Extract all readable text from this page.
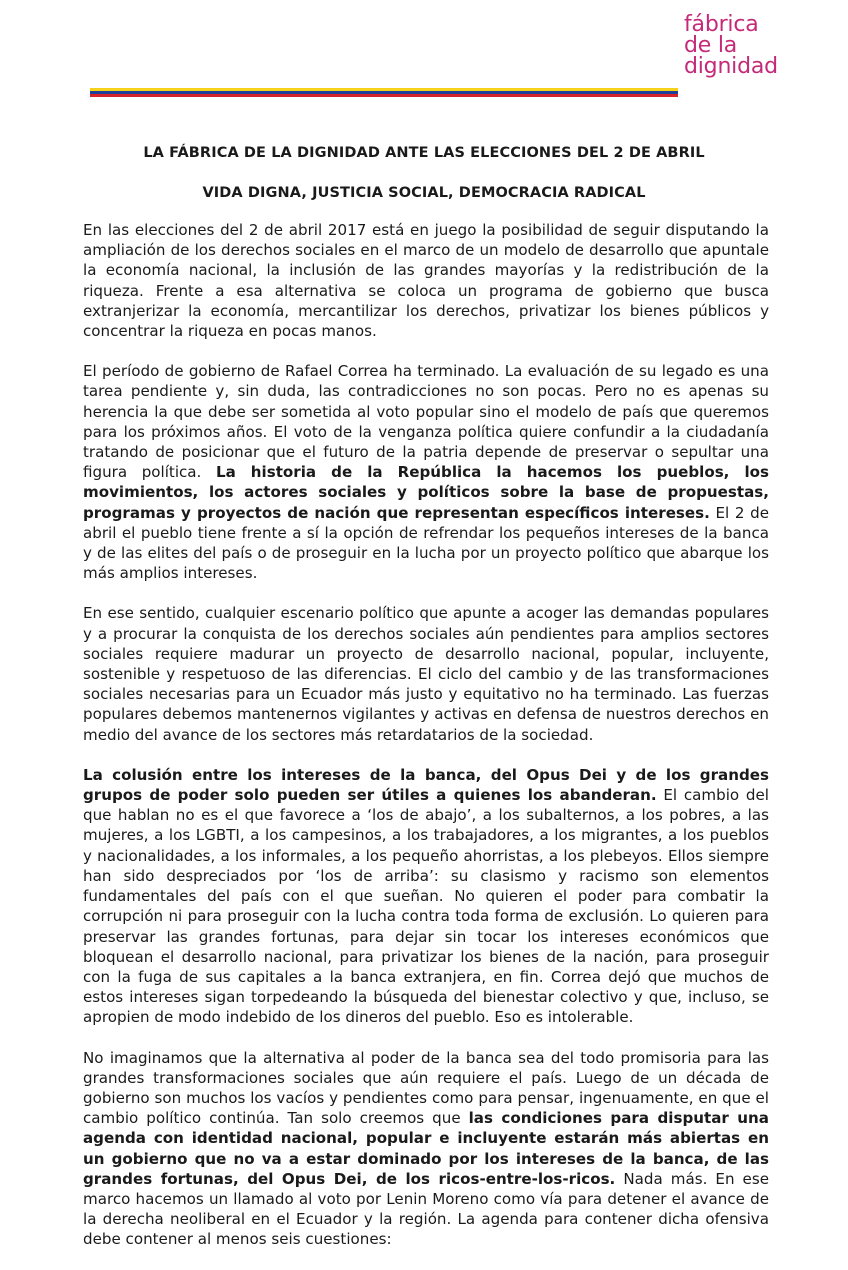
fábrica
de la
dignidad
LA FÁBRICA DE LA DIGNIDAD ANTE LAS ELECCIONES DEL 2 DE ABRIL
VIDA DIGNA, JUSTICIA SOCIAL, DEMOCRACIA RADICAL

En las elecciones del 2 de abril 2017 está en juego la posibilidad de seguir disputando la ampliación de los derechos sociales en el marco de un modelo de desarrollo que apuntale la economía nacional, la inclusión de las grandes mayorías y la redistribución de la riqueza. Frente a esa alternativa se coloca un programa de gobierno que busca extranjerizar la economía, mercantilizar los derechos, privatizar los bienes públicos y concentrar la riqueza en pocas manos.

El período de gobierno de Rafael Correa ha terminado. La evaluación de su legado es una tarea pendiente y, sin duda, las contradicciones no son pocas. Pero no es apenas su herencia la que debe ser sometida al voto popular sino el modelo de país que queremos para los próximos años. El voto de la venganza política quiere confundir a la ciudadanía tratando de posicionar que el futuro de la patria depende de preservar o sepultar una figura política. La historia de la República la hacemos los pueblos, los movimientos, los actores sociales y políticos sobre la base de propuestas, programas y proyectos de nación que representan específicos intereses. El 2 de abril el pueblo tiene frente a sí la opción de refrendar los pequeños intereses de la banca y de las elites del país o de proseguir en la lucha por un proyecto político que abarque los más amplios intereses.

En ese sentido, cualquier escenario político que apunte a acoger las demandas populares y a procurar la conquista de los derechos sociales aún pendientes para amplios sectores sociales requiere madurar un proyecto de desarrollo nacional, popular, incluyente, sostenible y respetuoso de las diferencias. El ciclo del cambio y de las transformaciones sociales necesarias para un Ecuador más justo y equitativo no ha terminado. Las fuerzas populares debemos mantenernos vigilantes y activas en defensa de nuestros derechos en medio del avance de los sectores más retardatarios de la sociedad.

La colusión entre los intereses de la banca, del Opus Dei y de los grandes grupos de poder solo pueden ser útiles a quienes los abanderan. El cambio del que hablan no es el que favorece a ‘los de abajo’, a los subalternos, a los pobres, a las mujeres, a los LGBTI, a los campesinos, a los trabajadores, a los migrantes, a los pueblos y nacionalidades, a los informales, a los pequeño ahorristas, a los plebeyos. Ellos siempre han sido despreciados por ‘los de arriba’: su clasismo y racismo son elementos fundamentales del país con el que sueñan. No quieren el poder para combatir la corrupción ni para proseguir con la lucha contra toda forma de exclusión. Lo quieren para preservar las grandes fortunas, para dejar sin tocar los intereses económicos que bloquean el desarrollo nacional, para privatizar los bienes de la nación, para proseguir con la fuga de sus capitales a la banca extranjera, en fin. Correa dejó que muchos de estos intereses sigan torpedeando la búsqueda del bienestar colectivo y que, incluso, se apropien de modo indebido de los dineros del pueblo. Eso es intolerable.

No imaginamos que la alternativa al poder de la banca sea del todo promisoria para las grandes transformaciones sociales que aún requiere el país. Luego de un década de gobierno son muchos los vacíos y pendientes como para pensar, ingenuamente, en que el cambio político continúa. Tan solo creemos que las condiciones para disputar una agenda con identidad nacional, popular e incluyente estarán más abiertas en un gobierno que no va a estar dominado por los intereses de la banca, de las grandes fortunas, del Opus Dei, de los ricos-entre-los-ricos. Nada más. En ese marco hacemos un llamado al voto por Lenin Moreno como vía para detener el avance de la derecha neoliberal en el Ecuador y la región. La agenda para contener dicha ofensiva debe contener al menos seis cuestiones:
